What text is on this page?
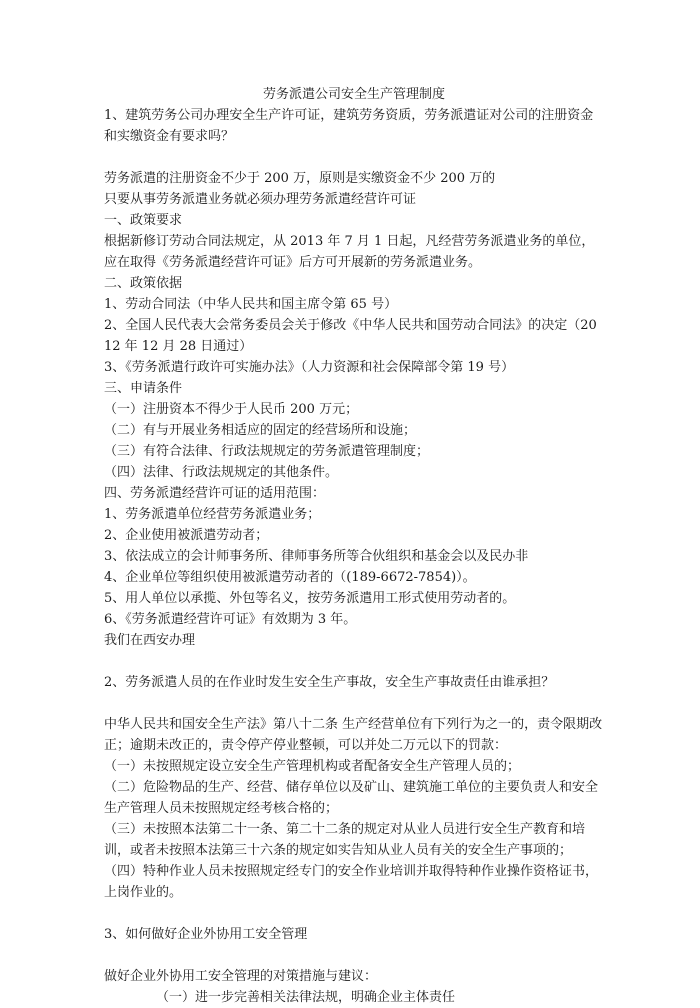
劳务派遣公司安全生产管理制度
1、建筑劳务公司办理安全生产许可证，建筑劳务资质，劳务派遣证对公司的注册资金和实缴资金有要求吗？
劳务派遣的注册资金不少于 200 万，原则是实缴资金不少 200 万的
只要从事劳务派遣业务就必须办理劳务派遣经营许可证
一、政策要求
根据新修订劳动合同法规定，从 2013 年 7 月 1 日起，凡经营劳务派遣业务的单位，应在取得《劳务派遣经营许可证》后方可开展新的劳务派遣业务。
二、政策依据
1、劳动合同法（中华人民共和国主席令第 65 号）
2、全国人民代表大会常务委员会关于修改《中华人民共和国劳动合同法》的决定（2012 年 12 月 28 日通过）
3、《劳务派遣行政许可实施办法》（人力资源和社会保障部令第 19 号）
三、申请条件
（一）注册资本不得少于人民币 200 万元；
（二）有与开展业务相适应的固定的经营场所和设施；
（三）有符合法律、行政法规规定的劳务派遣管理制度；
（四）法律、行政法规规定的其他条件。
四、劳务派遣经营许可证的适用范围：
1、劳务派遣单位经营劳务派遣业务；
2、企业使用被派遣劳动者；
3、依法成立的会计师事务所、律师事务所等合伙组织和基金会以及民办非
4、企业单位等组织使用被派遣劳动者的（(189-6672-7854)）。
5、用人单位以承揽、外包等名义，按劳务派遣用工形式使用劳动者的。
6、《劳务派遣经营许可证》有效期为 3 年。
我们在西安办理
2、劳务派遣人员的在作业时发生安全生产事故，安全生产事故责任由谁承担？
中华人民共和国安全生产法》第八十二条 生产经营单位有下列行为之一的，责令限期改正；逾期未改正的，责令停产停业整顿，可以并处二万元以下的罚款：
（一）未按照规定设立安全生产管理机构或者配备安全生产管理人员的；
（二）危险物品的生产、经营、储存单位以及矿山、建筑施工单位的主要负责人和安全生产管理人员未按照规定经考核合格的；
（三）未按照本法第二十一条、第二十二条的规定对从业人员进行安全生产教育和培训，或者未按照本法第三十六条的规定如实告知从业人员有关的安全生产事项的；
（四）特种作业人员未按照规定经专门的安全作业培训并取得特种作业操作资格证书，上岗作业的。
3、如何做好企业外协用工安全管理
做好企业外协用工安全管理的对策措施与建议：
（一）进一步完善相关法律法规，明确企业主体责任
